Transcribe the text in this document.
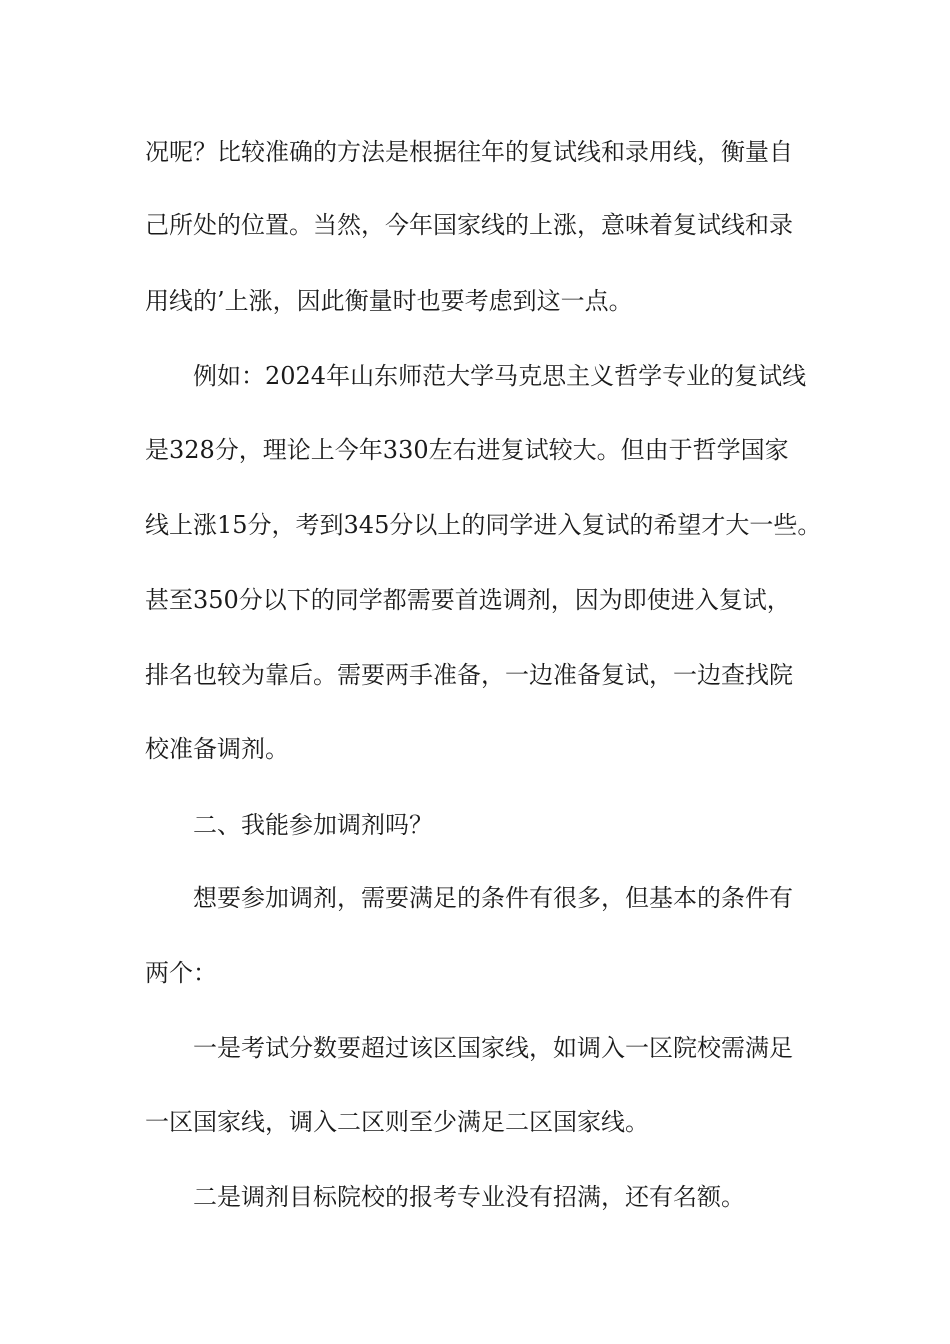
况呢？比较准确的方法是根据往年的复试线和录用线，衡量自
己所处的位置。当然，今年国家线的上涨，意味着复试线和录
用线的’上涨，因此衡量时也要考虑到这一点。
例如：2024年山东师范大学马克思主义哲学专业的复试线
是328分，理论上今年330左右进复试较大。但由于哲学国家
线上涨15分，考到345分以上的同学进入复试的希望才大一些。
甚至350分以下的同学都需要首选调剂，因为即使进入复试，
排名也较为靠后。需要两手准备，一边准备复试，一边查找院
校准备调剂。
二、我能参加调剂吗？
想要参加调剂，需要满足的条件有很多，但基本的条件有
两个：
一是考试分数要超过该区国家线，如调入一区院校需满足
一区国家线，调入二区则至少满足二区国家线。
二是调剂目标院校的报考专业没有招满，还有名额。
